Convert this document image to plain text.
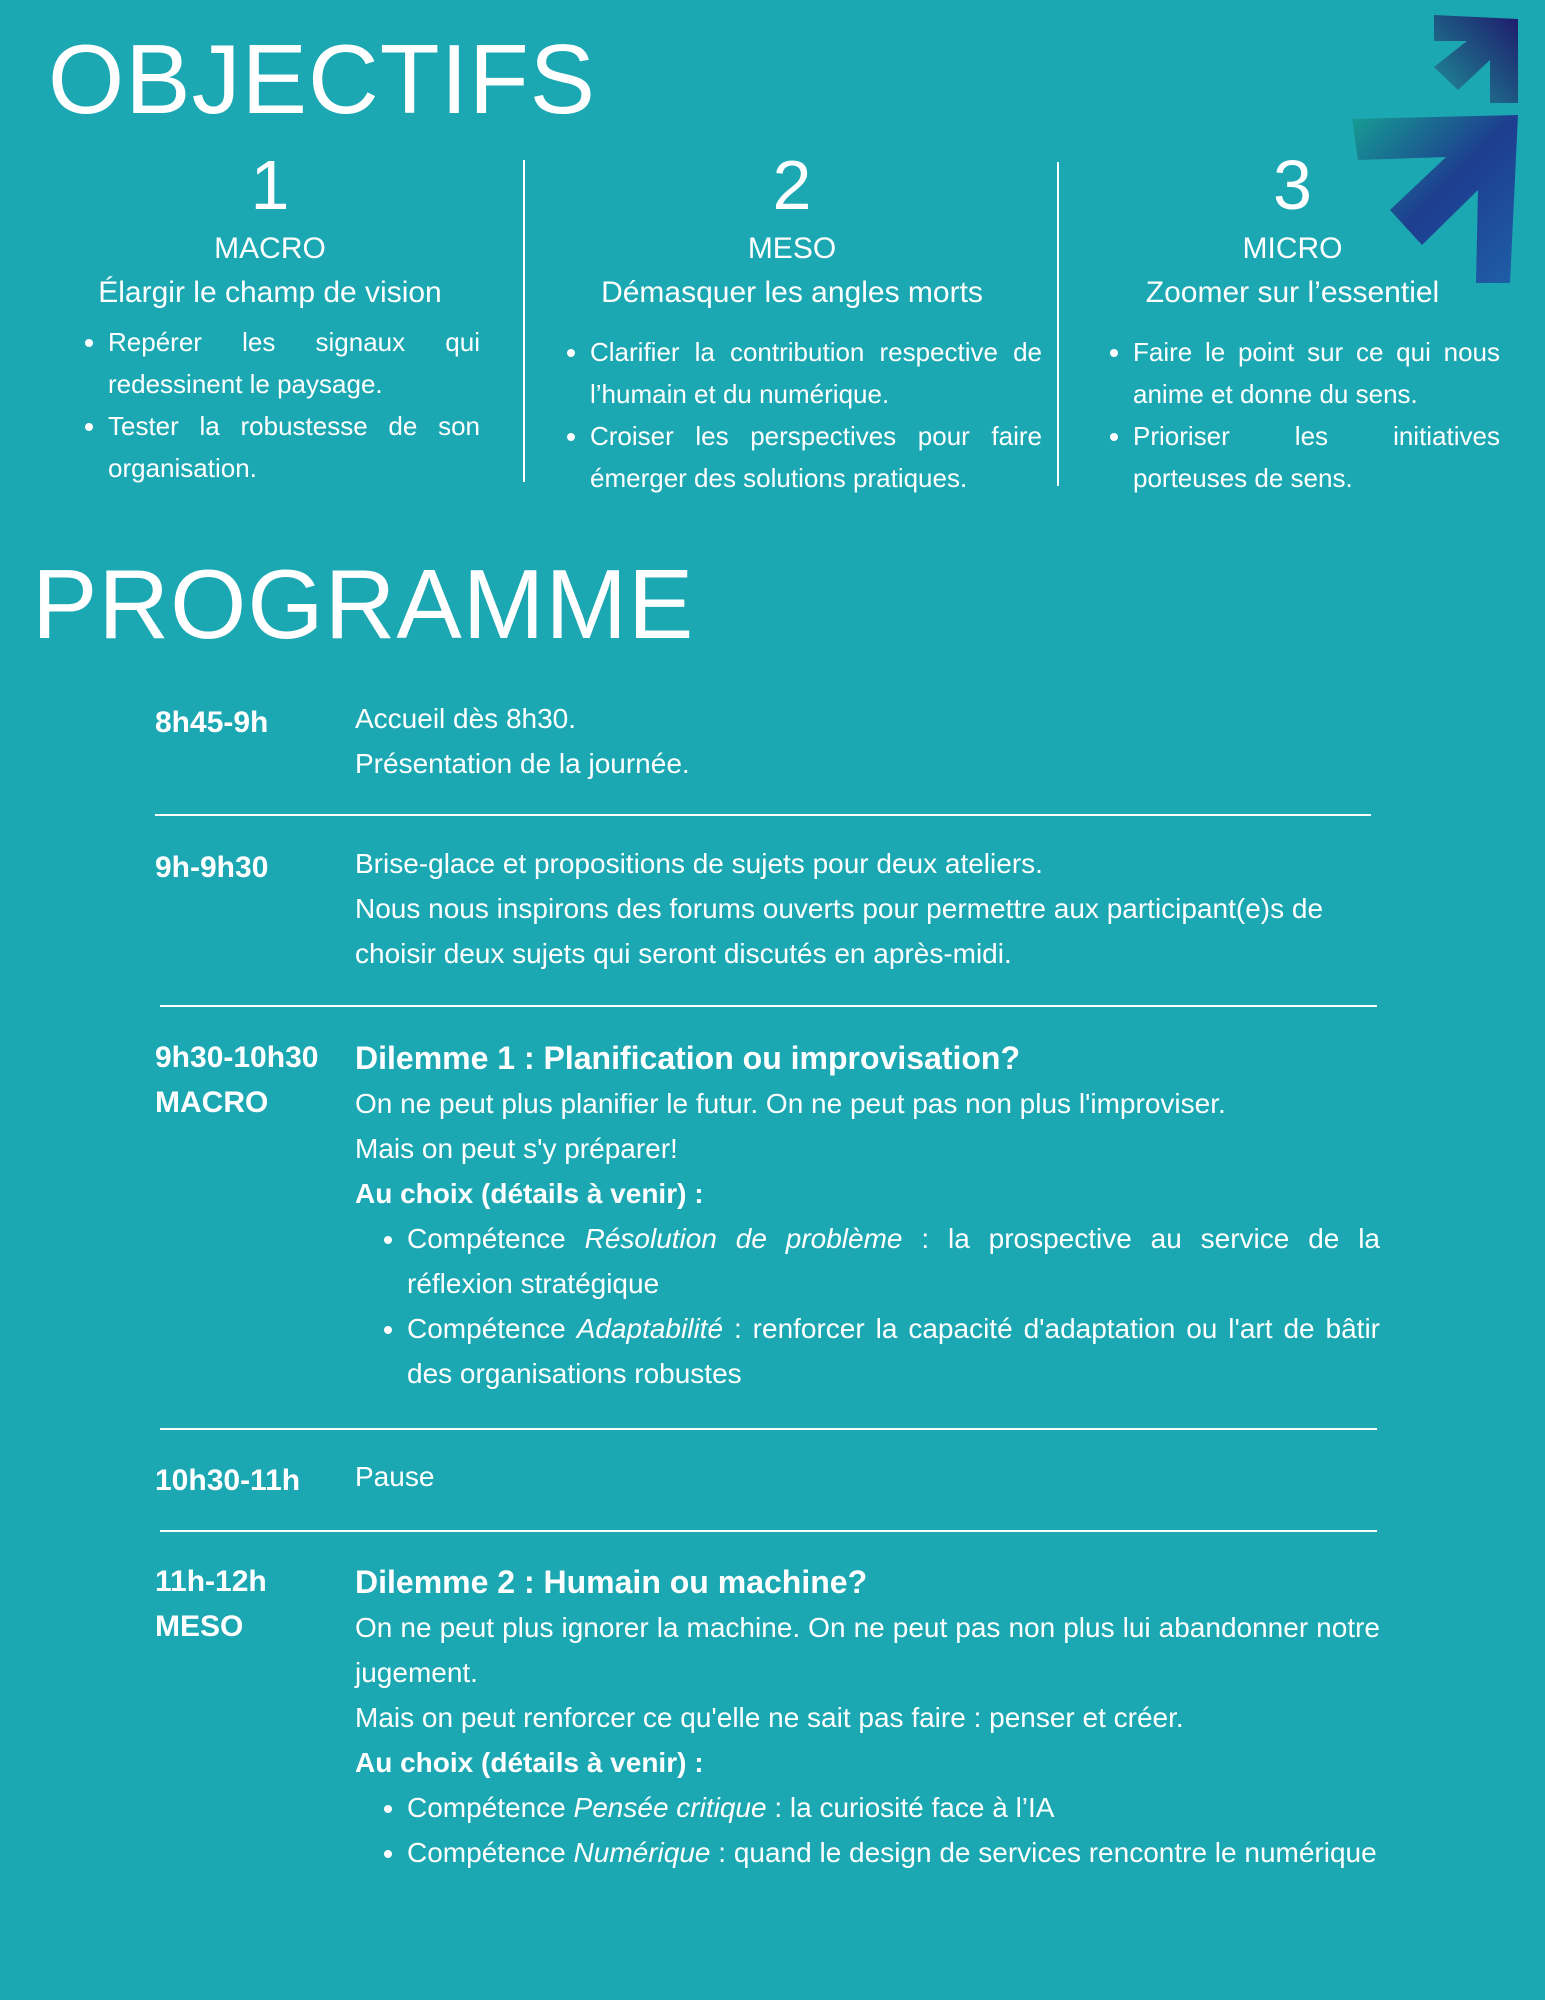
OBJECTIFS
1
MACRO
Élargir le champ de vision
• Repérer les signaux qui redessinent le paysage.
• Tester la robustesse de son organisation.
2
MESO
Démasquer les angles morts
• Clarifier la contribution respective de l’humain et du numérique.
• Croiser les perspectives pour faire émerger des solutions pratiques.
3
MICRO
Zoomer sur l’essentiel
• Faire le point sur ce qui nous anime et donne du sens.
• Prioriser les initiatives porteuses de sens.
PROGRAMME
8h45-9h	Accueil dès 8h30.

Présentation de la journée.

9h-9h30	Brise-glace et propositions de sujets pour deux ateliers.

Nous nous inspirons des forums ouverts pour permettre aux participant(e)s de choisir deux sujets qui seront discutés en après-midi.

9h30-10h30
MACRO

Dilemme 1 : Planification ou improvisation?

On ne peut plus planifier le futur. On ne peut pas non plus l'improviser.

Mais on peut s'y préparer!

Au choix (détails à venir) :

• Compétence Résolution de problème : la prospective au service de la réflexion stratégique
• Compétence Adaptabilité : renforcer la capacité d'adaptation ou l'art de bâtir des organisations robustes
10h30-11h Pause

11h-12h
MESO

Dilemme 2 : Humain ou machine?

On ne peut plus ignorer la machine. On ne peut pas non plus lui abandonner notre jugement.

Mais on peut renforcer ce qu'elle ne sait pas faire : penser et créer.

Au choix (détails à venir) :

• Compétence Pensée critique : la curiosité face à l’IA
• Compétence Numérique : quand le design de services rencontre le numérique
